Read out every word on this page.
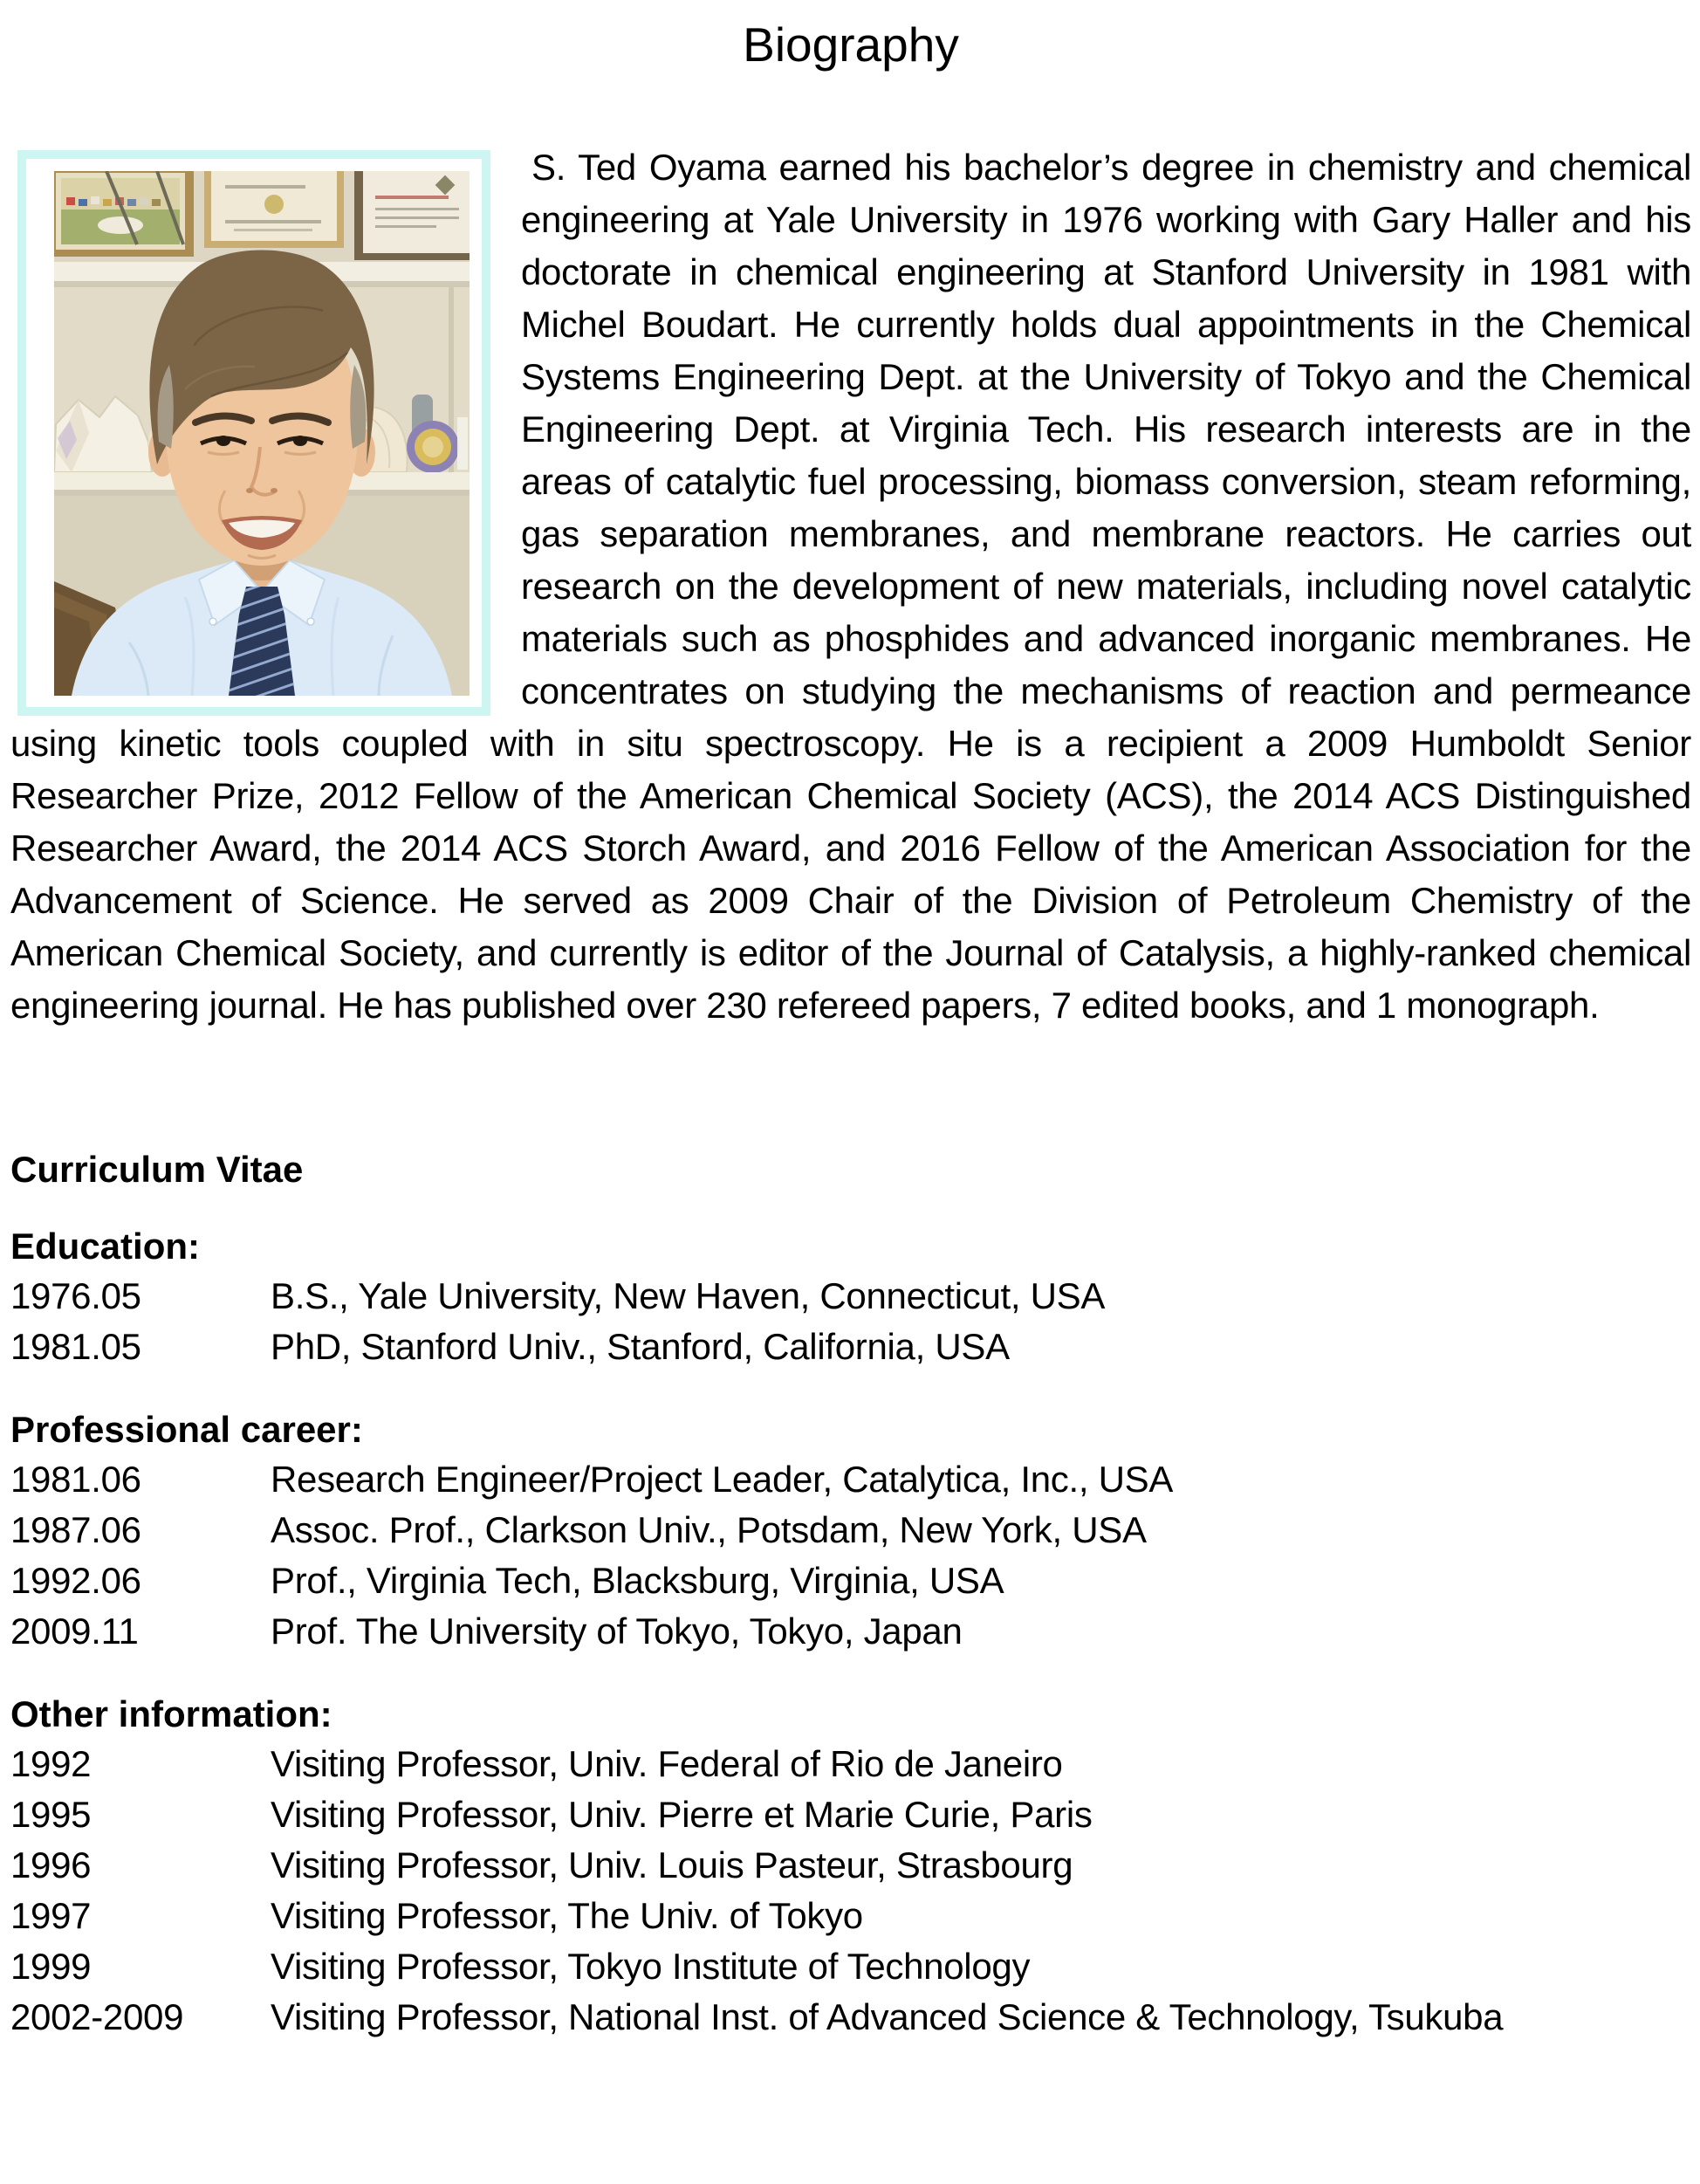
Biography

S. Ted Oyama earned his bachelor’s degree in chemistry and chemical engineering at Yale University in 1976 working with Gary Haller and his doctorate in chemical engineering at Stanford University in 1981 with Michel Boudart. He currently holds dual appointments in the Chemical Systems Engineering Dept. at the University of Tokyo and the Chemical Engineering Dept. at Virginia Tech. His research interests are in the areas of catalytic fuel processing, biomass conversion, steam reforming, gas separation membranes, and membrane reactors. He carries out research on the development of new materials, including novel catalytic materials such as phosphides and advanced inorganic membranes. He concentrates on studying the mechanisms of reaction and permeance using kinetic tools coupled with in situ spectroscopy. He is a recipient a 2009 Humboldt Senior Researcher Prize, 2012 Fellow of the American Chemical Society (ACS), the 2014 ACS Distinguished Researcher Award, the 2014 ACS Storch Award, and 2016 Fellow of the American Association for the Advancement of Science. He served as 2009 Chair of the Division of Petroleum Chemistry of the American Chemical Society, and currently is editor of the Journal of Catalysis, a highly-ranked chemical engineering journal. He has published over 230 refereed papers, 7 edited books, and 1 monograph.

Curriculum Vitae
Education:
1976.05	B.S., Yale University, New Haven, Connecticut, USA
1981.05	PhD, Stanford Univ., Stanford, California, USA
Professional career:
1981.06	Research Engineer/Project Leader, Catalytica, Inc., USA
1987.06	Assoc. Prof., Clarkson Univ., Potsdam, New York, USA
1992.06	Prof., Virginia Tech, Blacksburg, Virginia, USA
2009.11	Prof. The University of Tokyo, Tokyo, Japan
Other information:
1992	Visiting Professor, Univ. Federal of Rio de Janeiro
1995	Visiting Professor, Univ. Pierre et Marie Curie, Paris
1996	Visiting Professor, Univ. Louis Pasteur, Strasbourg
1997	Visiting Professor, The Univ. of Tokyo
1999	Visiting Professor, Tokyo Institute of Technology
2002-2009	Visiting Professor, National Inst. of Advanced Science & Technology, Tsukuba
